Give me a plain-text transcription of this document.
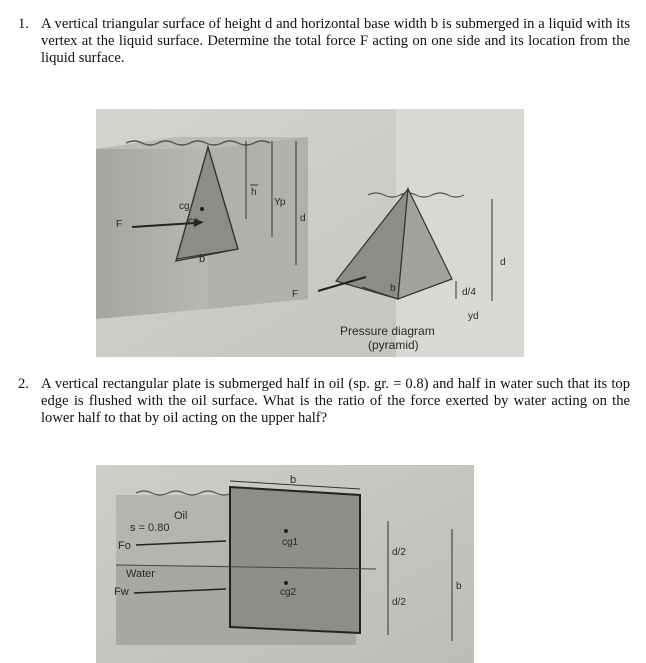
1. A vertical triangular surface of height d and horizontal base width b is submerged in a liquid with its vertex at the liquid surface. Determine the total force F acting on one side and its location from the liquid surface.
b
F
cg
cp
h
Yp
d
b
F
d
d/4
yd
Pressure diagram
(pyramid)
2. A vertical rectangular plate is submerged half in oil (sp. gr. = 0.8) and half in water such that its top edge is flushed with the oil surface. What is the ratio of the force exerted by water acting on the lower half to that by oil acting on the upper half?
b
Oil
s = 0.80
Fo
Water
Fw
cg1
cg2
d/2
d/2
b
